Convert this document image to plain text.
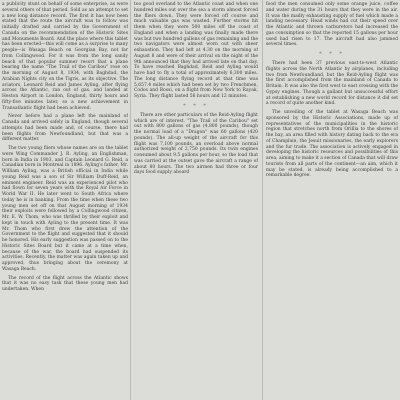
a publicity stunt on behalf of some enterprise, as were several others of that period. Sold as an attempt to set a new long distance record. The first it has now been stated that the route the aircraft was to follow was initially drafted and carried by the Government of Canada on the recommendation of the Historic Sites and Monuments Board. And the place where this tablet has been erected—this will come as a surprise to many people—is Wasaga Beach on Georgian Bay, not far from Collingwood. For it was from the long sandy beach of that popular summer resort that a plane bearing the name "The Trail of the Caribou" rose on the morning of August 8, 1934, with Baghdad, the Arabian Nights city on the Tigris, as its objective. The aviators, Leonard Reid and James Ayling, after flying across the Atlantic, ran out of gas, and landed at Heston Airport in London, England, thirty hours and fifty-five minutes later, so a new achievement in Transatlantic flight had been achieved.

Never before had a plane left the mainland of Canada and arrived safely in England, though several attempts had been made and, of course, there had been flights from Newfoundland, but that was a different matter.

The two young fliers whose names are on the tablet were Wing Commander J. R. Ayling, an Englishman, born in India in 1903, and Captain Leonard G. Reid, a Canadian born in Montreal in 1896. Ayling's father, Mr. William Ayling, was a British official in India while young Reid was a son of Sir William Duff-Reid, an eminent engineer. Reid was an experienced pilot who had flown for seven years with the Royal Air Force in World War II. He later went to South Africa where today he is in banking. From the time when these two young men set off on that August morning of 1934 their exploits were followed by a Collingwood citizen, Mr. E. W. Thom, who was thrilled by their exploit and kept in touch with Ayling to the present time. It was Mr. Thom who first drew the attention of the Government to the flight and suggested that it should be honored. His early suggestion was passed on to the Historic Sites Board but it came at a time when, because of the war, the board had suspended its activities. Recently, the matter was again taken up and approved, thus bringing about the ceremony at Wasaga Beach.

The record of the flight across the Atlantic shows that it was no easy task that these young men had undertaken. When

too good overland to the Atlantic coast and when one hundred miles out over the sea a storm almost forced the fliers down. They were forced off course and much valuable gas was wasted. Further storms hit them when they were 500 miles off the coast of England and when a landing was finally made there was but two hundred gallons of gas remaining and the two navigators were almost worn out with sheer exhaustion. They had left at 4.30 on the morning of August 8 and were of their arrival on the night of the 9th announced that they had arrived late on that day. To have reached Baghdad, Reid and Ayling would have had to fly a total of approximately 6,300 miles. The long distance flying record at that time was 5,657.4 miles which had been set by two Frenchmen, Codos and Rossi, on a flight from New York to Rayak, Syria. They flight lasted 56 hours and 12 minutes.

* * *

There are other particulars of the Reid-Ayling flight which are of interest. "The Trail of the Caribou" set out with 800 gallons of gas (4,800 pounds), though the normal load of a "Dragon" was 60 gallons (420 pounds). The all-up weight of the aircraft for this flight was 7,100 pounds, an overload above normal authorized weight of 2,750 pounds. Its twin engines consumed about 9.5 gallons per hour, so the load that was carried at the outset gave the aircraft a range of about 80 hours. The two airmen had three or four days food supply aboard

food the men consumed only some orange juice, coffee and water during the 31 hours that they were in the air. It was the madly exhausting supply of fuel which made a landing necessary. Head winds had cut their speed over the Atlantic and thrown carburetors had increased the gas consumption so that the reported 15 gallons per hour used had risen to 17. The aircraft had also jammed several times.

* * *

There had been 37 previous east-to-west Atlantic flights across the North Atlantic by airplanes, including two from Newfoundland, but the Reid-Ayling flight was the first accomplished from the mainland of Canada to Britain. It was also the first west to east crossing with the Gypsy engines. Though a gallant but unsuccessful effort at establishing a new world record for distance it did set a record of quite another kind.

The unveiling of the tablet at Wasaga Beach was sponsored by the Historic Associations, made up of representatives of the municipalities in the historic region that stretches north from Orillia to the shores of the bay, an area filled with history dating back to the era of Champlain, the Jesuit missionaries, the early explorers and the fur trade. The association is actively engaged in developing the historic resources and possibilities of this area, aiming to make it a section of Canada that will draw tourists from all parts of the continent—an aim, which it may be stated, is already being accomplished to a remarkable degree.
